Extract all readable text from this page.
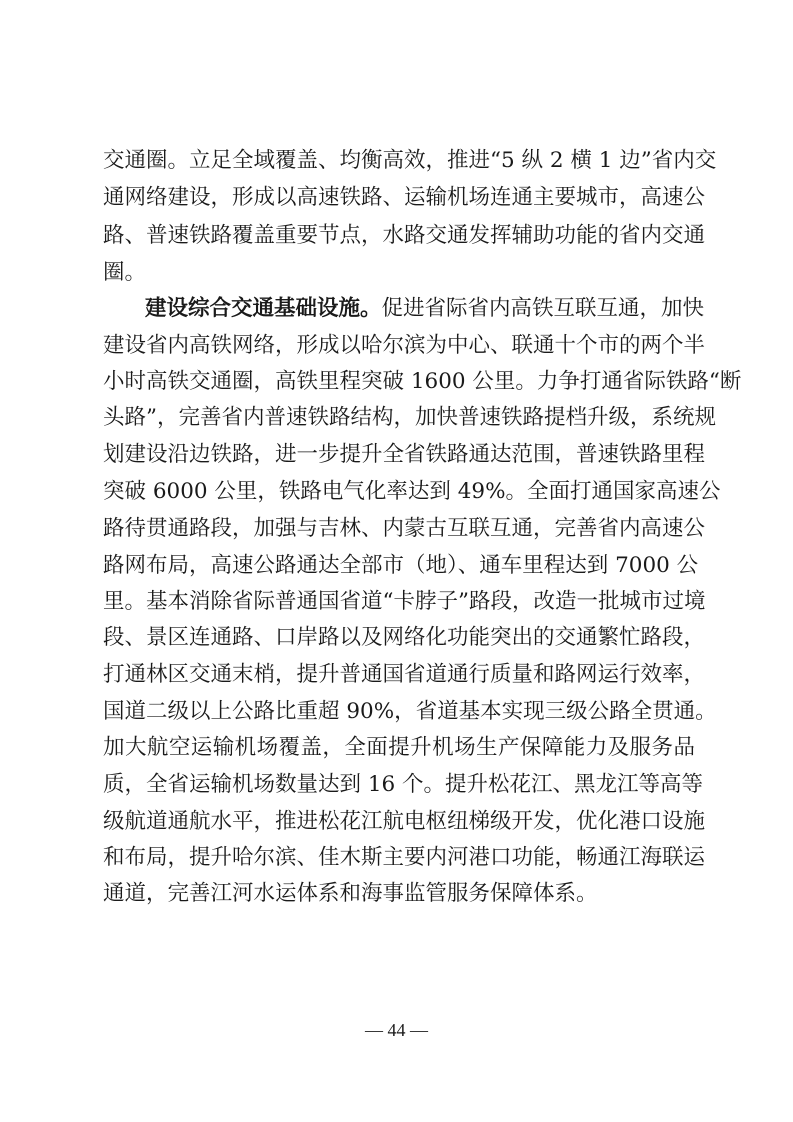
交通圈。立足全域覆盖、均衡高效，推进“5 纵 2 横 1 边”省内交
通网络建设，形成以高速铁路、运输机场连通主要城市，高速公
路、普速铁路覆盖重要节点，水路交通发挥辅助功能的省内交通
圈。
建设综合交通基础设施。促进省际省内高铁互联互通，加快
建设省内高铁网络，形成以哈尔滨为中心、联通十个市的两个半
小时高铁交通圈，高铁里程突破 1600 公里。力争打通省际铁路“断
头路”，完善省内普速铁路结构，加快普速铁路提档升级，系统规
划建设沿边铁路，进一步提升全省铁路通达范围，普速铁路里程
突破 6000 公里，铁路电气化率达到 49%。全面打通国家高速公
路待贯通路段，加强与吉林、内蒙古互联互通，完善省内高速公
路网布局，高速公路通达全部市（地）、通车里程达到 7000 公
里。基本消除省际普通国省道“卡脖子”路段，改造一批城市过境
段、景区连通路、口岸路以及网络化功能突出的交通繁忙路段，
打通林区交通末梢，提升普通国省道通行质量和路网运行效率，
国道二级以上公路比重超 90%，省道基本实现三级公路全贯通。
加大航空运输机场覆盖，全面提升机场生产保障能力及服务品
质，全省运输机场数量达到 16 个。提升松花江、黑龙江等高等
级航道通航水平，推进松花江航电枢纽梯级开发，优化港口设施
和布局，提升哈尔滨、佳木斯主要内河港口功能，畅通江海联运
通道，完善江河水运体系和海事监管服务保障体系。
— 44 —
